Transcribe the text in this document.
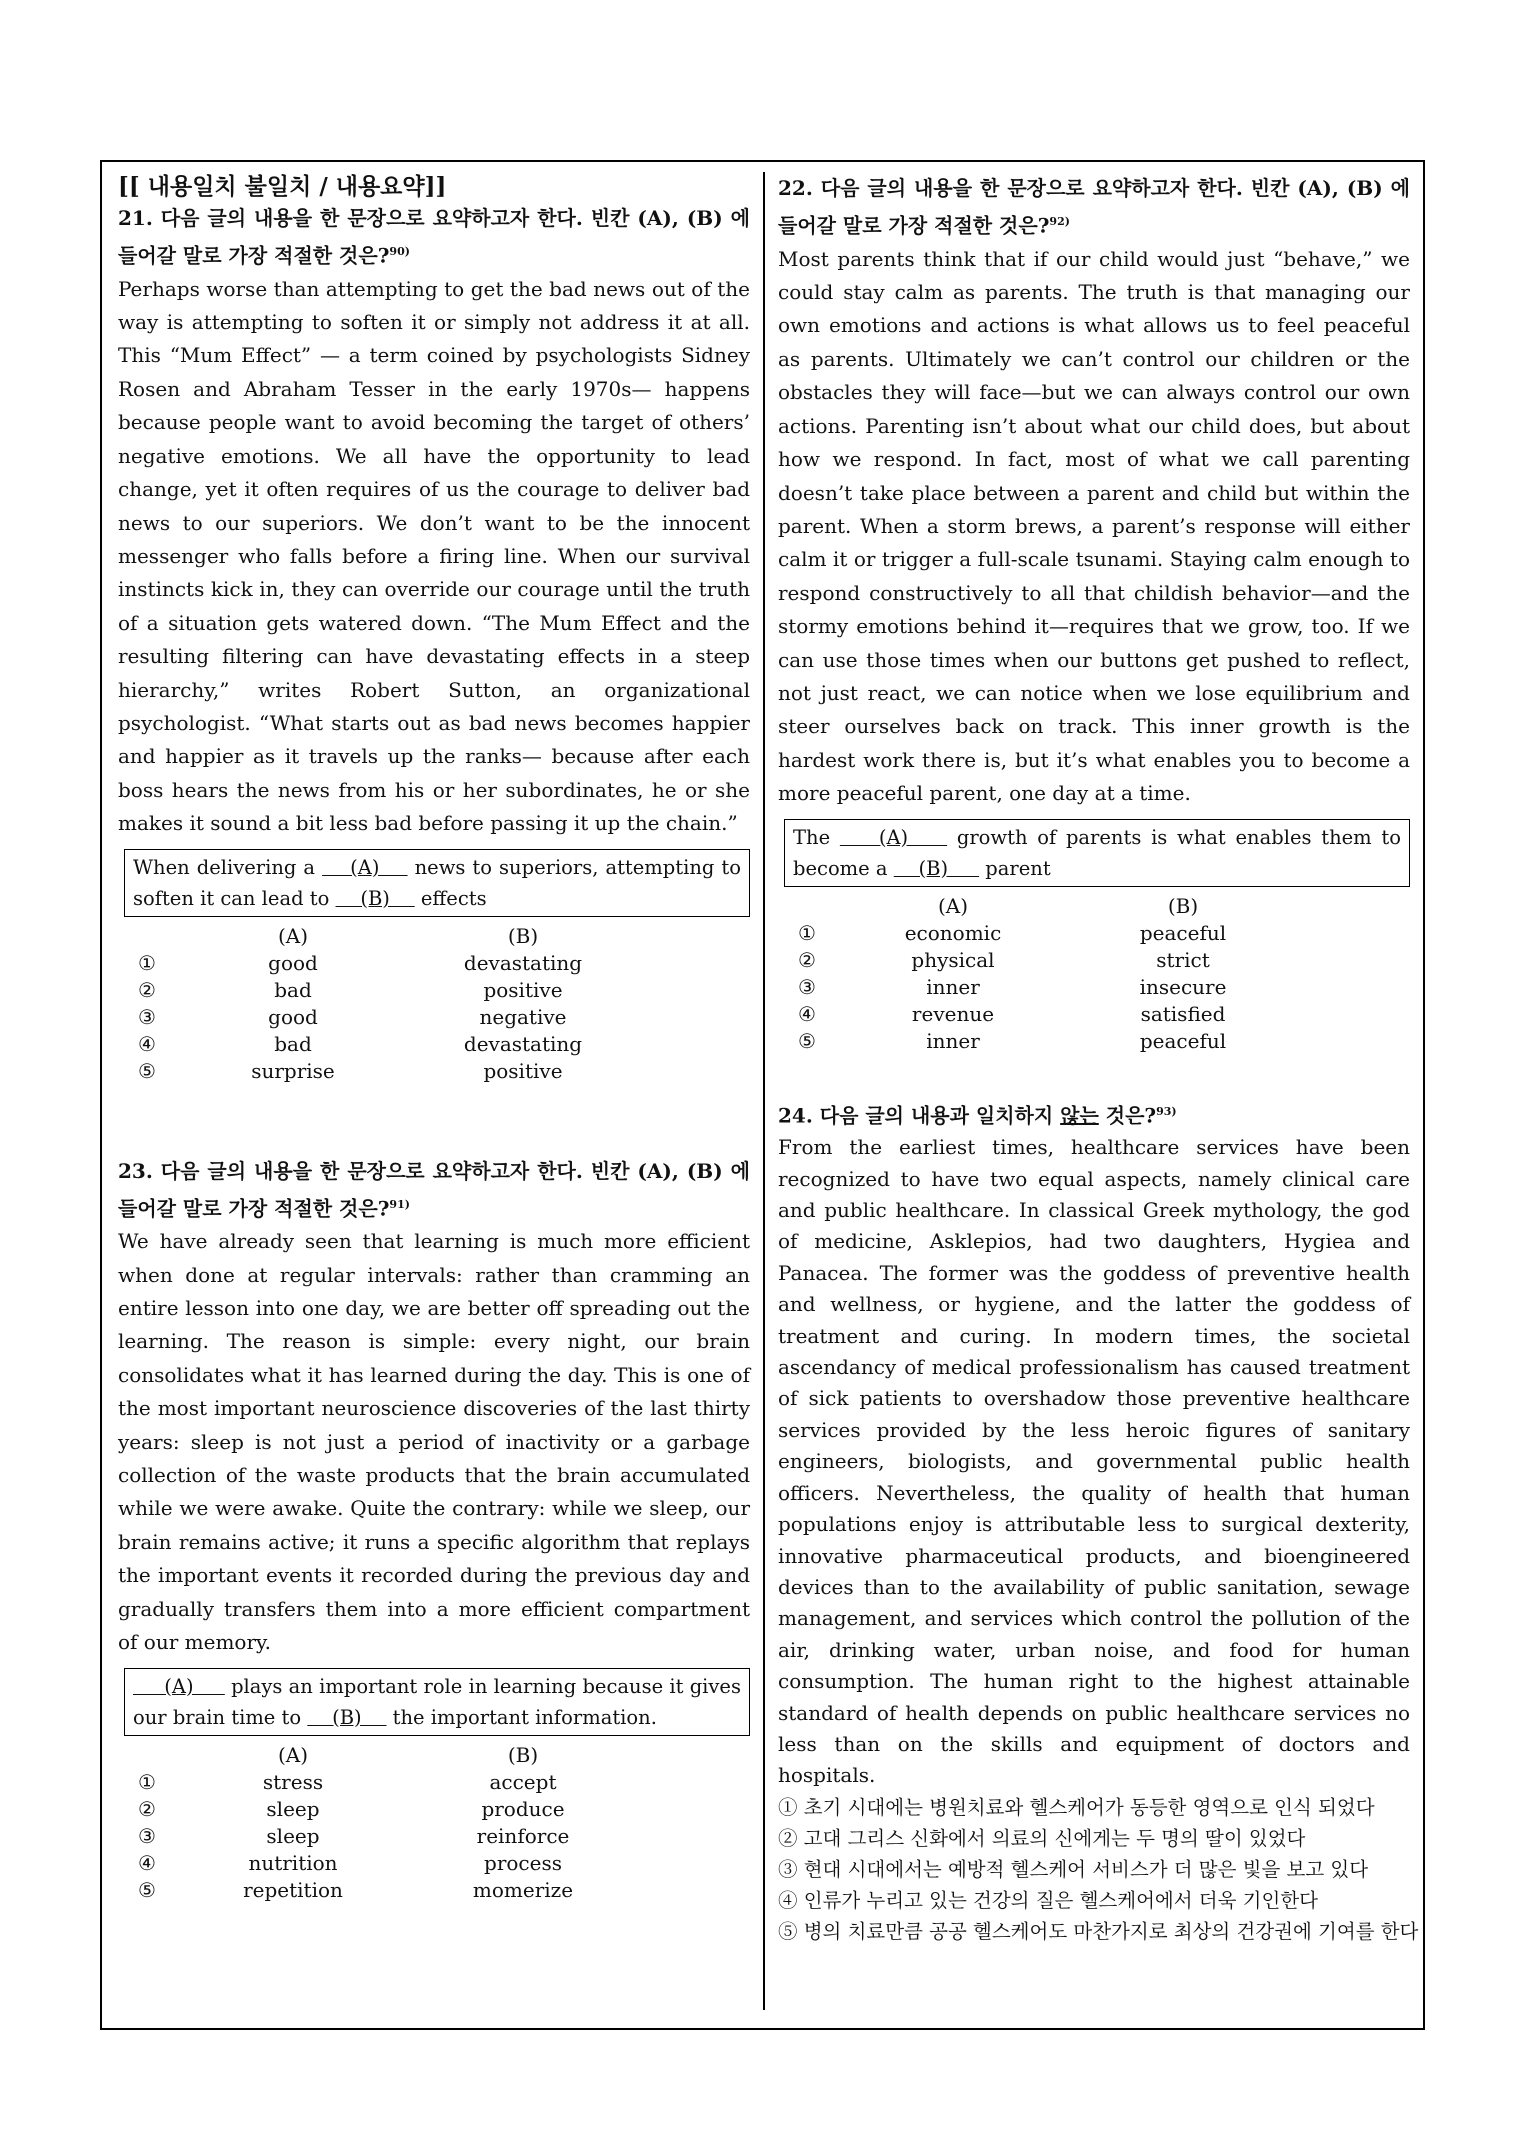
[[ 내용일치 불일치 / 내용요약]]

21. 다음 글의 내용을 한 문장으로 요약하고자 한다. 빈칸 (A), (B) 에 들어갈 말로 가장 적절한 것은?$^{90)}$

Perhaps worse than attempting to get the bad news out of the way is attempting to soften it or simply not address it at all. This “Mum Effect” — a term coined by psychologists Sidney Rosen and Abraham Tesser in the early 1970s— happens because people want to avoid becoming the target of others’ negative emotions. We all have the opportunity to lead change, yet it often requires of us the courage to deliver bad news to our superiors. We don’t want to be the innocent messenger who falls before a firing line. When our survival instincts kick in, they can override our courage until the truth of a situation gets watered down. “The Mum Effect and the resulting filtering can have devastating effects in a steep hierarchy,” writes Robert Sutton, an organizational psychologist. “What starts out as bad news becomes happier and happier as it travels up the ranks— because after each boss hears the news from his or her subordinates, he or she makes it sound a bit less bad before passing it up the chain.”

When delivering a     (A)     news to superiors, attempting to soften it can lead to     (B)     effects
	(A)	(B)
①	good	devastating
②	bad	positive
③	good	negative
④	bad	devastating
⑤	surprise	positive

23. 다음 글의 내용을 한 문장으로 요약하고자 한다. 빈칸 (A), (B) 에 들어갈 말로 가장 적절한 것은?$^{91)}$

We have already seen that learning is much more efficient when done at regular intervals: rather than cramming an entire lesson into one day, we are better off spreading out the learning. The reason is simple: every night, our brain consolidates what it has learned during the day. This is one of the most important neuroscience discoveries of the last thirty years: sleep is not just a period of inactivity or a garbage collection of the waste products that the brain accumulated while we were awake. Quite the contrary: while we sleep, our brain remains active; it runs a specific algorithm that replays the important events it recorded during the previous day and gradually transfers them into a more efficient compartment of our memory.

(A)      plays an important role in learning because it gives our brain time to     (B)     the important information.
	(A)	(B)
①	stress	accept
②	sleep	produce
③	sleep	reinforce
④	nutrition	process
⑤	repetition	momerize

22. 다음 글의 내용을 한 문장으로 요약하고자 한다. 빈칸 (A), (B) 에 들어갈 말로 가장 적절한 것은?$^{92)}$

Most parents think that if our child would just “behave,” we could stay calm as parents. The truth is that managing our own emotions and actions is what allows us to feel peaceful as parents. Ultimately we can’t control our children or the obstacles they will face—but we can always control our own actions. Parenting isn’t about what our child does, but about how we respond. In fact, most of what we call parenting doesn’t take place between a parent and child but within the parent. When a storm brews, a parent’s response will either calm it or trigger a full-scale tsunami. Staying calm enough to respond constructively to all that childish behavior—and the stormy emotions behind it—requires that we grow, too. If we can use those times when our buttons get pushed to reflect, not just react, we can notice when we lose equilibrium and steer ourselves back on track. This inner growth is the hardest work there is, but it’s what enables you to become a more peaceful parent, one day at a time.

The     (A)     growth of parents is what enables them to become a     (B)      parent
	(A)	(B)
①	economic	peaceful
②	physical	strict
③	inner	insecure
④	revenue	satisfied
⑤	inner	peaceful

24. 다음 글의 내용과 일치하지 않는 것은?$^{93)}$

From the earliest times, healthcare services have been recognized to have two equal aspects, namely clinical care and public healthcare. In classical Greek mythology, the god of medicine, Asklepios, had two daughters, Hygiea and Panacea. The former was the goddess of preventive health and wellness, or hygiene, and the latter the goddess of treatment and curing. In modern times, the societal ascendancy of medical professionalism has caused treatment of sick patients to overshadow those preventive healthcare services provided by the less heroic figures of sanitary engineers, biologists, and governmental public health officers. Nevertheless, the quality of health that human populations enjoy is attributable less to surgical dexterity, innovative pharmaceutical products, and bioengineered devices than to the availability of public sanitation, sewage management, and services which control the pollution of the air, drinking water, urban noise, and food for human consumption. The human right to the highest attainable standard of health depends on public healthcare services no less than on the skills and equipment of doctors and hospitals.

① 초기 시대에는 병원치료와 헬스케어가 동등한 영역으로 인식 되었다

② 고대 그리스 신화에서 의료의 신에게는 두 명의 딸이 있었다

③ 현대 시대에서는 예방적 헬스케어 서비스가 더 많은 빛을 보고 있다

④ 인류가 누리고 있는 건강의 질은 헬스케어에서 더욱 기인한다

⑤ 병의 치료만큼 공공 헬스케어도 마찬가지로 최상의 건강권에 기여를 한다
